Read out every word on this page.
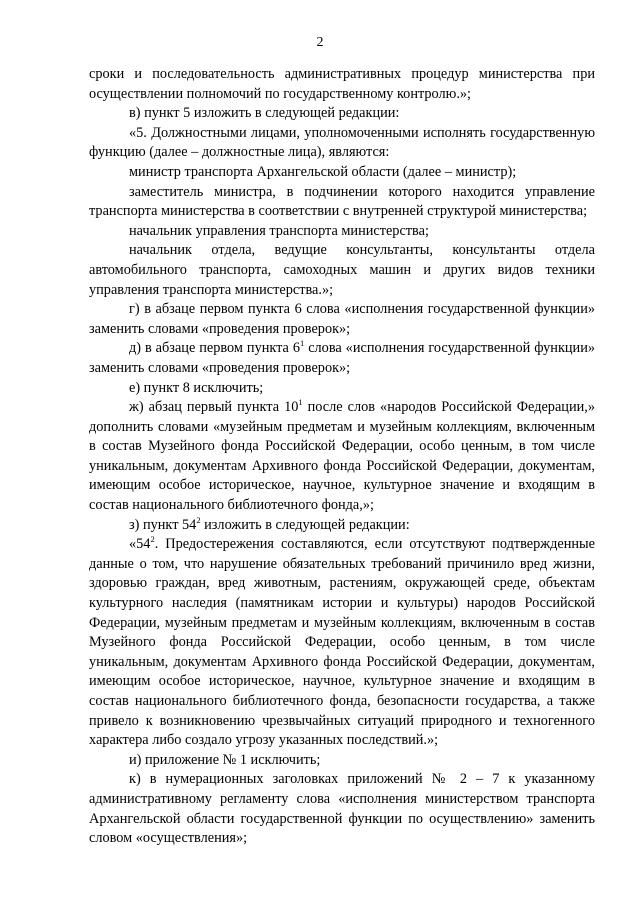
2

сроки и последовательность административных процедур министерства при осуществлении полномочий по государственному контролю.»;

в) пункт 5 изложить в следующей редакции:

«5. Должностными лицами, уполномоченными исполнять государственную функцию (далее – должностные лица), являются:

министр транспорта Архангельской области (далее – министр);

заместитель министра, в подчинении которого находится управление транспорта министерства в соответствии с внутренней структурой министерства;

начальник управления транспорта министерства;

начальник отдела, ведущие консультанты, консультанты отдела автомобильного транспорта, самоходных машин и других видов техники управления транспорта министерства.»;

г) в абзаце первом пункта 6 слова «исполнения государственной функции» заменить словами «проведения проверок»;

д) в абзаце первом пункта $6^1$ слова «исполнения государственной функции» заменить словами «проведения проверок»;

е) пункт 8 исключить;

ж) абзац первый пункта $10^1$ после слов «народов Российской Федерации,» дополнить словами «музейным предметам и музейным коллекциям, включенным в состав Музейного фонда Российской Федерации, особо ценным, в том числе уникальным, документам Архивного фонда Российской Федерации, документам, имеющим особое историческое, научное, культурное значение и входящим в состав национального библиотечного фонда,»;

з) пункт $54^2$ изложить в следующей редакции:

«$54^2$. Предостережения составляются, если отсутствуют подтвержденные данные о том, что нарушение обязательных требований причинило вред жизни, здоровью граждан, вред животным, растениям, окружающей среде, объектам культурного наследия (памятникам истории и культуры) народов Российской Федерации, музейным предметам и музейным коллекциям, включенным в состав Музейного фонда Российской Федерации, особо ценным, в том числе уникальным, документам Архивного фонда Российской Федерации, документам, имеющим особое историческое, научное, культурное значение и входящим в состав национального библиотечного фонда, безопасности государства, а также привело к возникновению чрезвычайных ситуаций природного и техногенного характера либо создало угрозу указанных последствий.»;

и) приложение № 1 исключить;

к) в нумерационных заголовках приложений № 2 – 7 к указанному административному регламенту слова «исполнения министерством транспорта Архангельской области государственной функции по осуществлению» заменить словом «осуществления»;
